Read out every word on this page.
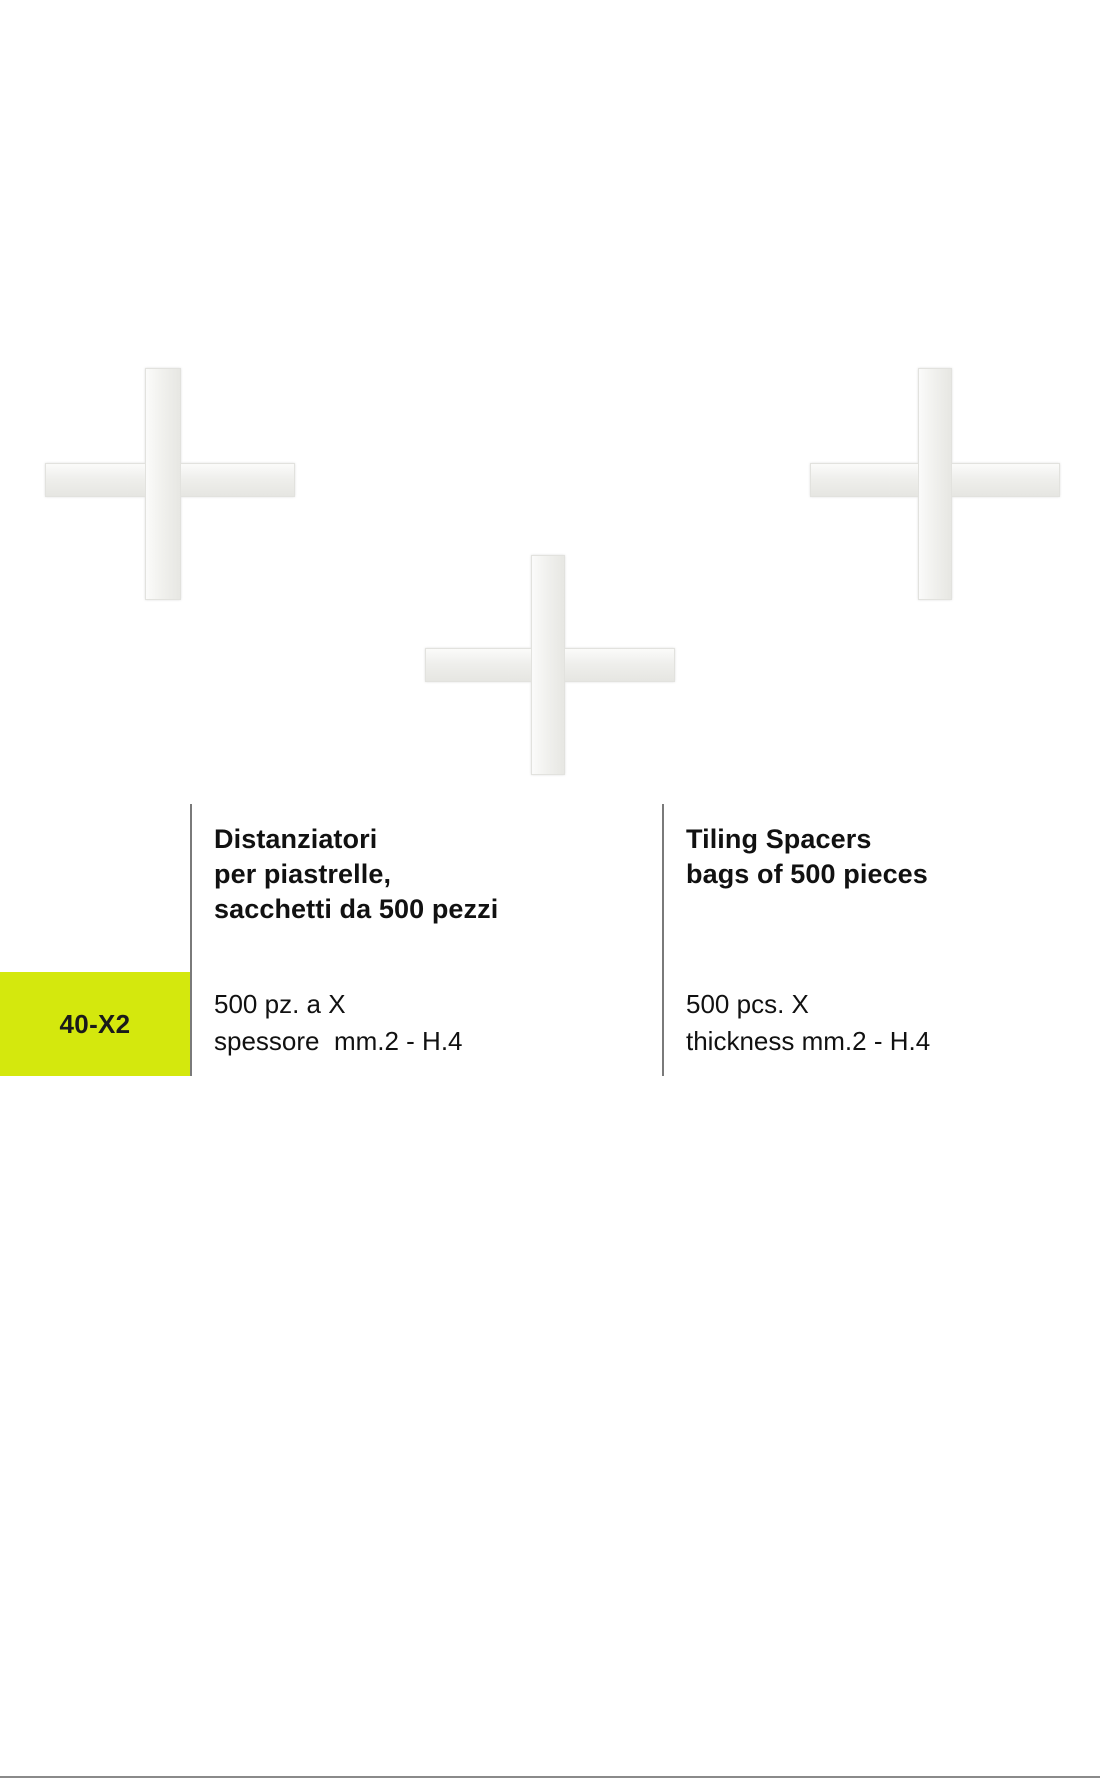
Distanziatori
per piastrelle,
sacchetti da 500 pezzi
Tiling Spacers
bags of 500 pieces
40-X2
500 pz. a X
spessore  mm.2 - H.4
500 pcs. X
thickness mm.2 - H.4
